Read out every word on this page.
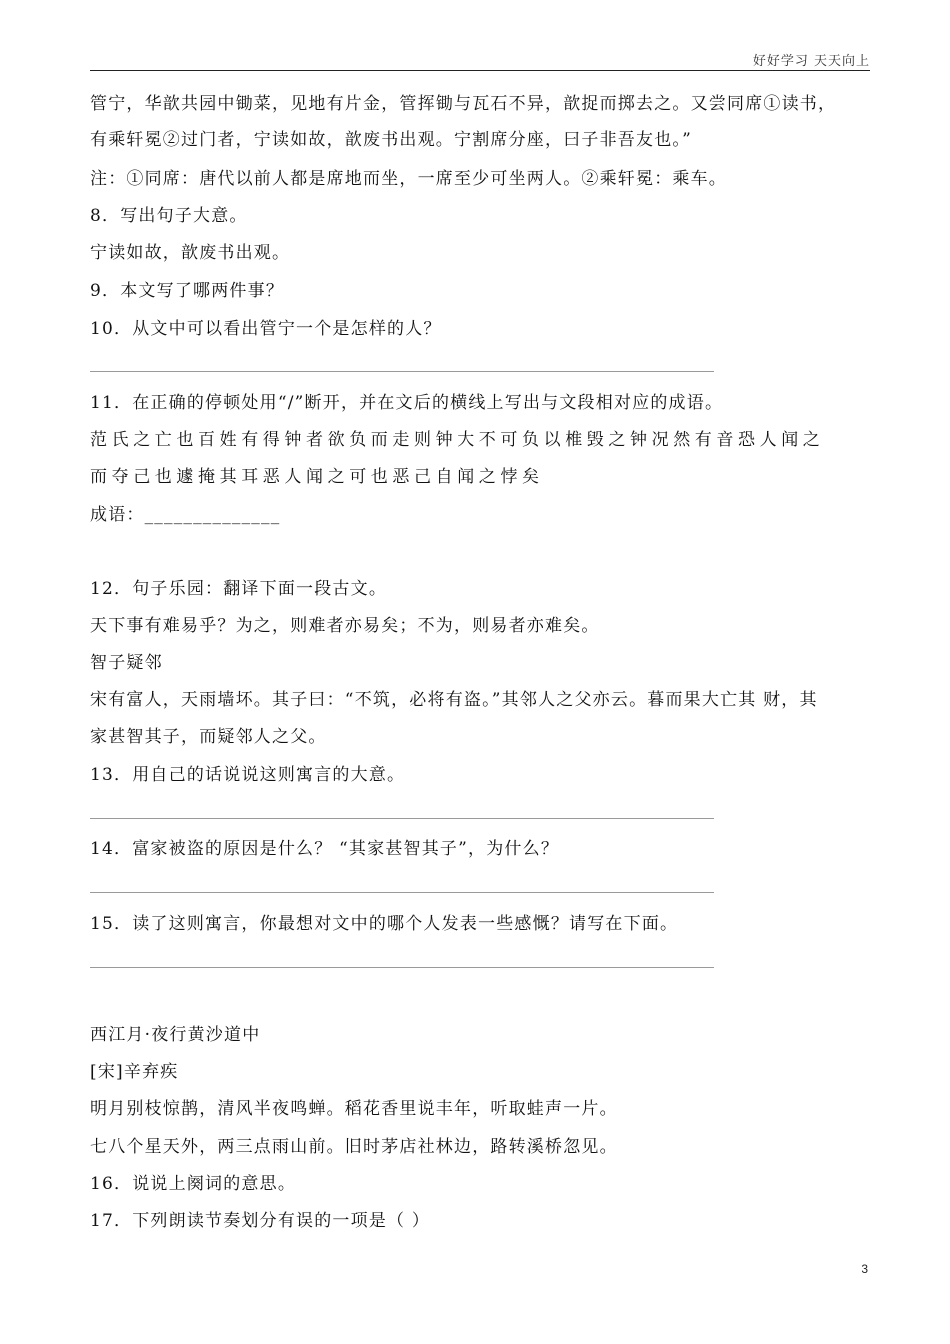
好好学习 天天向上
管宁，华歆共园中锄菜，见地有片金，管挥锄与瓦石不异，歆捉而掷去之。又尝同席①读书，
有乘轩冕②过门者，宁读如故，歆废书出观。宁割席分座，曰子非吾友也。”
注：①同席：唐代以前人都是席地而坐，一席至少可坐两人。②乘轩冕：乘车。
8．写出句子大意。
宁读如故，歆废书出观。
9．本文写了哪两件事？
10．从文中可以看出管宁一个是怎样的人？
11．在正确的停顿处用“/”断开，并在文后的横线上写出与文段相对应的成语。
范氏之亡也百姓有得钟者欲负而走则钟大不可负以椎毁之钟况然有音恐人闻之
而夺己也遽掩其耳恶人闻之可也恶己自闻之悖矣
成语：______________
12．句子乐园：翻译下面一段古文。
天下事有难易乎？为之，则难者亦易矣；不为，则易者亦难矣。
智子疑邻
宋有富人，天雨墙坏。其子曰：“不筑，必将有盗。”其邻人之父亦云。暮而果大亡其 财，其
家甚智其子，而疑邻人之父。
13．用自己的话说说这则寓言的大意。
14．富家被盗的原因是什么？ “其家甚智其子”，为什么？
15．读了这则寓言，你最想对文中的哪个人发表一些感慨？请写在下面。
西江月·夜行黄沙道中
[宋]辛弃疾
明月别枝惊鹊，清风半夜鸣蝉。稻花香里说丰年，听取蛙声一片。
七八个星天外，两三点雨山前。旧时茅店社林边，路转溪桥忽见。
16．说说上阕词的意思。
17．下列朗读节奏划分有误的一项是（ ）
3
